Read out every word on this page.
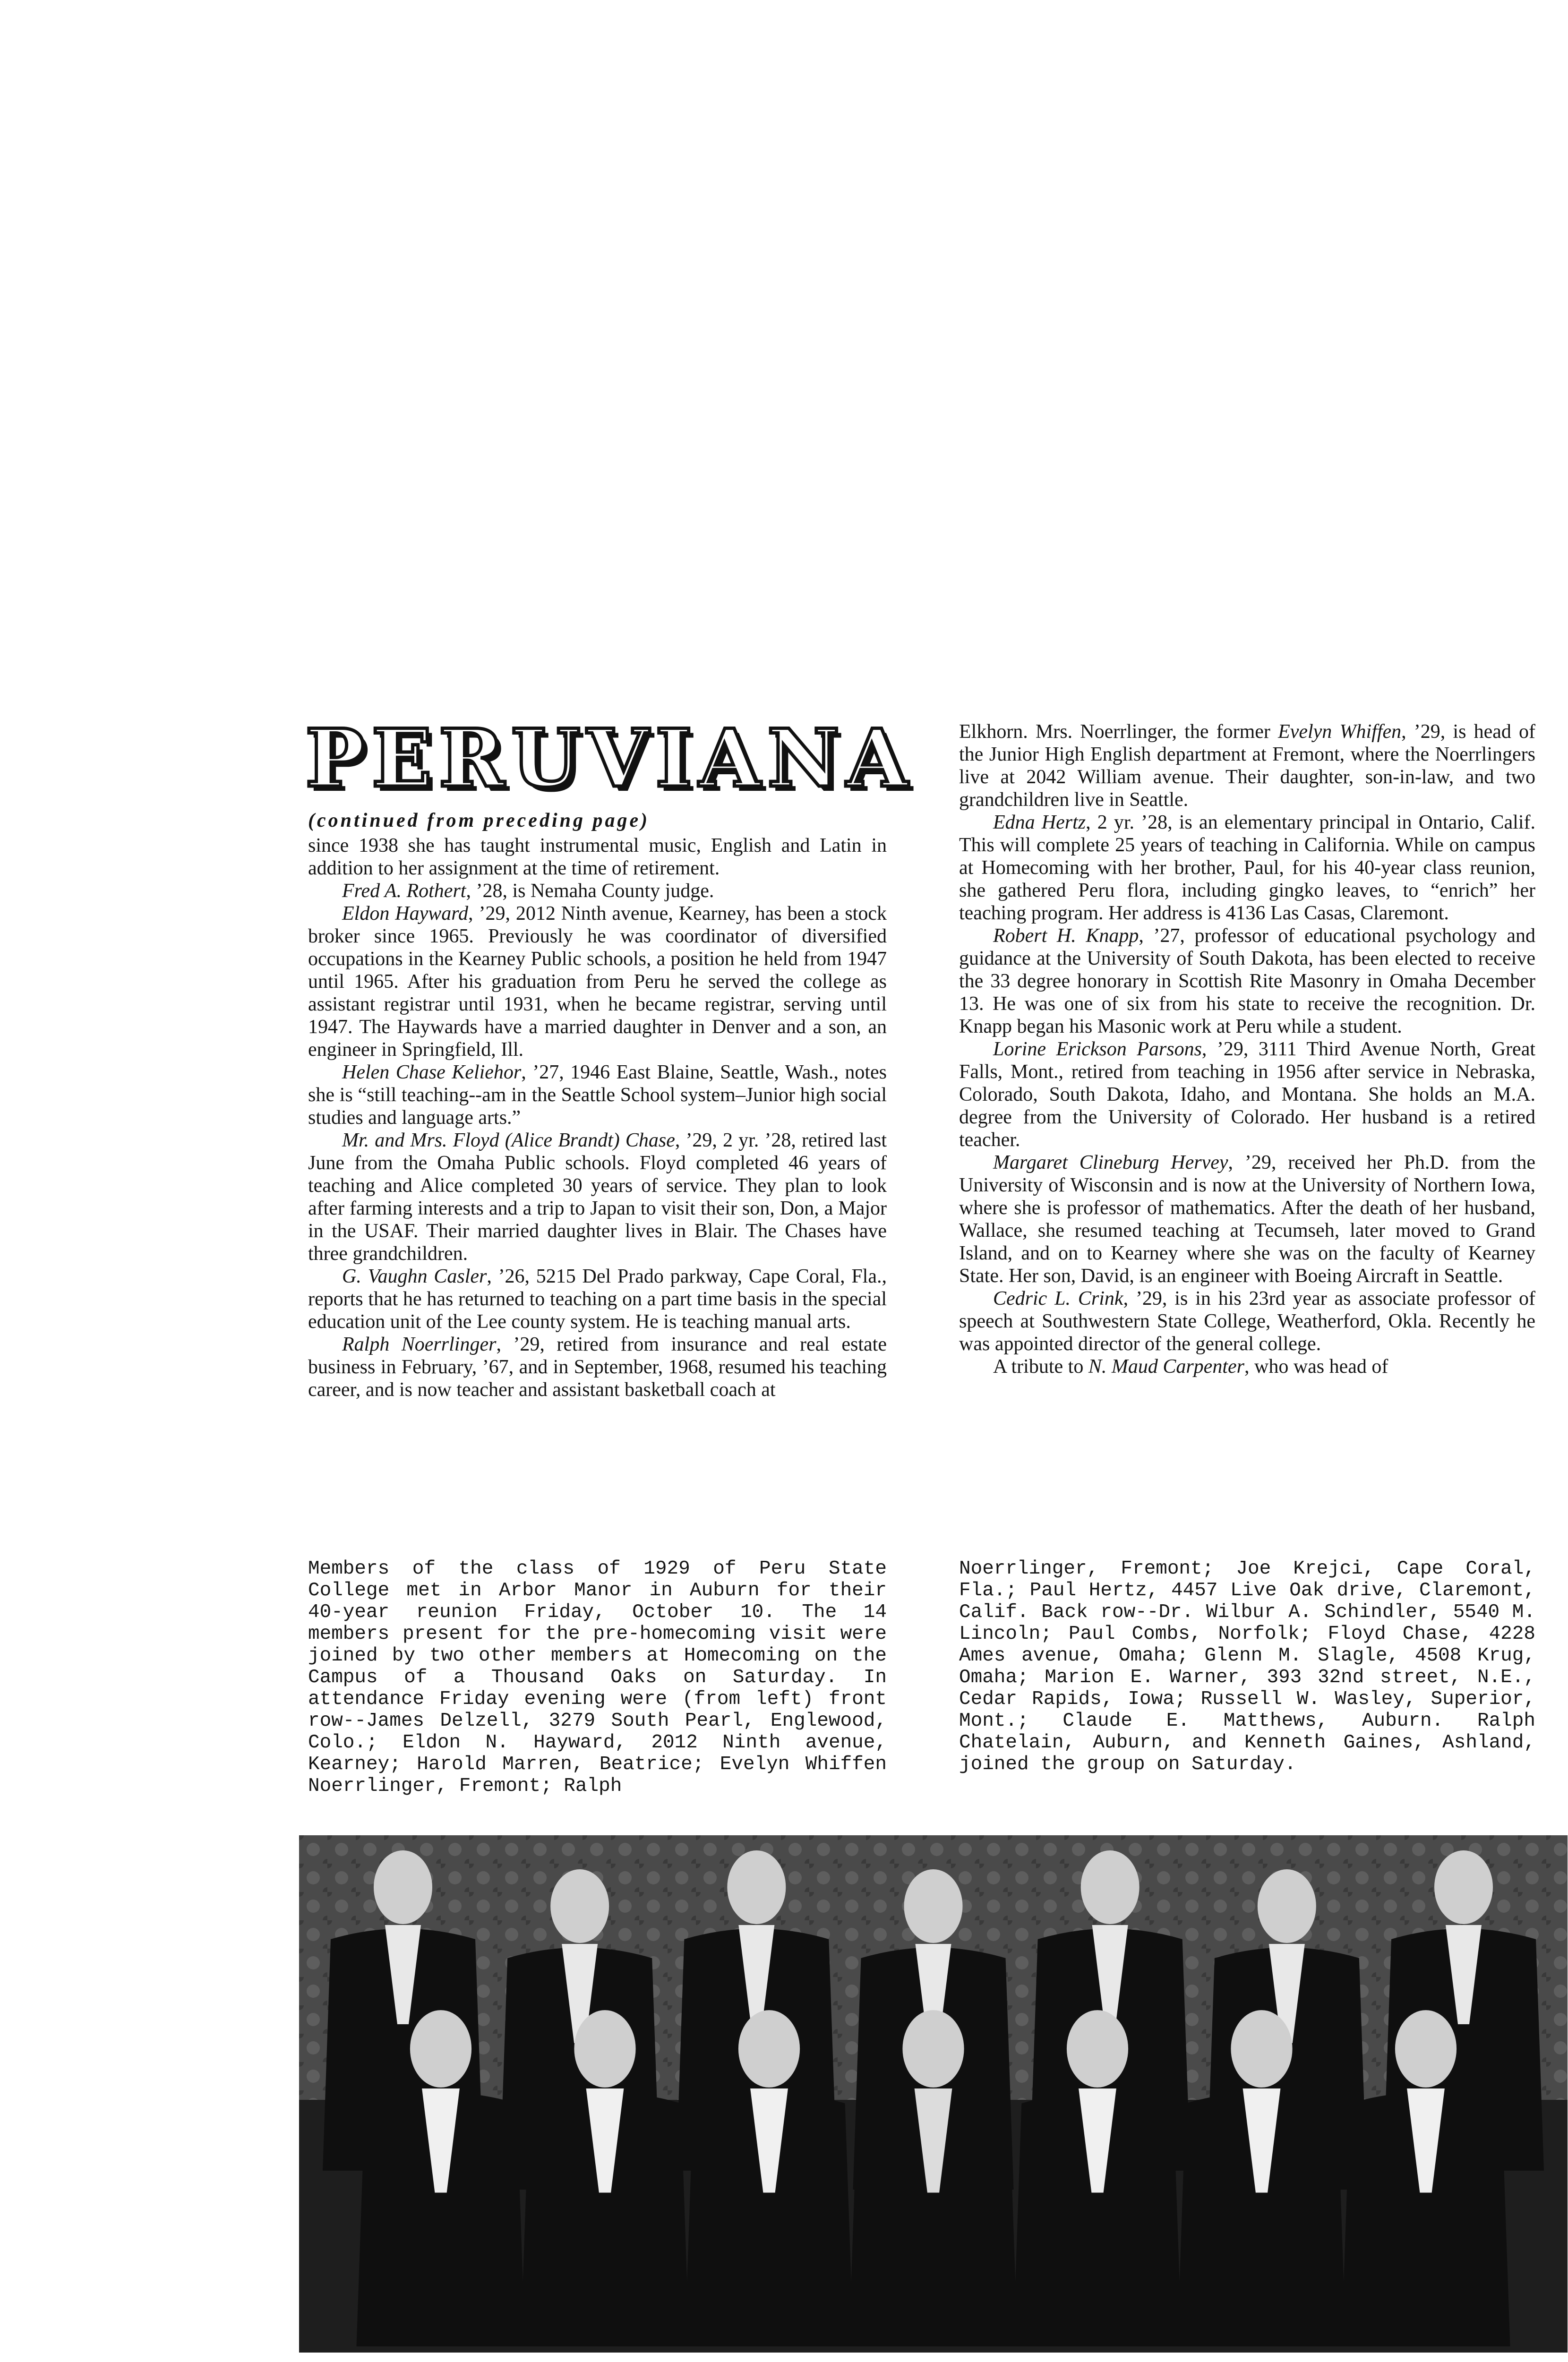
PERUVIANA
(continued from preceding page)

since 1938 she has taught instrumental music, English and Latin in addition to her assignment at the time of retirement.

Fred A. Rothert, ’28, is Nemaha County judge.

Eldon Hayward, ’29, 2012 Ninth avenue, Kearney, has been a stock broker since 1965. Previously he was coordinator of diversified occupations in the Kearney Public schools, a position he held from 1947 until 1965. After his graduation from Peru he served the college as assistant registrar until 1931, when he became registrar, serving until 1947. The Haywards have a married daughter in Denver and a son, an engineer in Springfield, Ill.

Helen Chase Keliehor, ’27, 1946 East Blaine, Seattle, Wash., notes she is “still teaching--am in the Seattle School system–Junior high social studies and language arts.”

Mr. and Mrs. Floyd (Alice Brandt) Chase, ’29, 2 yr. ’28, retired last June from the Omaha Public schools. Floyd completed 46 years of teaching and Alice completed 30 years of service. They plan to look after farming interests and a trip to Japan to visit their son, Don, a Major in the USAF. Their married daughter lives in Blair. The Chases have three grandchildren.

G. Vaughn Casler, ’26, 5215 Del Prado parkway, Cape Coral, Fla., reports that he has returned to teaching on a part time basis in the special education unit of the Lee county system. He is teaching manual arts.

Ralph Noerrlinger, ’29, retired from insurance and real estate business in February, ’67, and in September, 1968, resumed his teaching career, and is now teacher and assistant basketball coach at

Elkhorn. Mrs. Noerrlinger, the former Evelyn Whiffen, ’29, is head of the Junior High English department at Fremont, where the Noerrlingers live at 2042 William avenue. Their daughter, son-in-law, and two grandchildren live in Seattle.

Edna Hertz, 2 yr. ’28, is an elementary principal in Ontario, Calif. This will complete 25 years of teaching in California. While on campus at Homecoming with her brother, Paul, for his 40-year class reunion, she gathered Peru flora, including gingko leaves, to “enrich” her teaching program. Her address is 4136 Las Casas, Claremont.

Robert H. Knapp, ’27, professor of educational psychology and guidance at the University of South Dakota, has been elected to receive the 33 degree honorary in Scottish Rite Masonry in Omaha December 13. He was one of six from his state to receive the recognition. Dr. Knapp began his Masonic work at Peru while a student.

Lorine Erickson Parsons, ’29, 3111 Third Avenue North, Great Falls, Mont., retired from teaching in 1956 after service in Nebraska, Colorado, South Dakota, Idaho, and Montana. She holds an M.A. degree from the University of Colorado. Her husband is a retired teacher.

Margaret Clineburg Hervey, ’29, received her Ph.D. from the University of Wisconsin and is now at the University of Northern Iowa, where she is professor of mathematics. After the death of her husband, Wallace, she resumed teaching at Tecumseh, later moved to Grand Island, and on to Kearney where she was on the faculty of Kearney State. Her son, David, is an engineer with Boeing Aircraft in Seattle.

Cedric L. Crink, ’29, is in his 23rd year as associate professor of speech at Southwestern State College, Weatherford, Okla. Recently he was appointed director of the general college.

A tribute to N. Maud Carpenter, who was head of

Members of the class of 1929 of Peru State College met in Arbor Manor in Auburn for their 40-year reunion Friday, October 10. The 14 members present for the pre-homecoming visit were joined by two other members at Homecoming on the Campus of a Thousand Oaks on Saturday. In attendance Friday evening were (from left) front row--James Delzell, 3279 South Pearl, Englewood, Colo.; Eldon N. Hayward, 2012 Ninth avenue, Kearney; Harold Marren, Beatrice; Evelyn Whiffen Noerrlinger, Fremont; Ralph
Noerrlinger, Fremont; Joe Krejci, Cape Coral, Fla.; Paul Hertz, 4457 Live Oak drive, Claremont, Calif. Back row--Dr. Wilbur A. Schindler, 5540 M. Lincoln; Paul Combs, Norfolk; Floyd Chase, 4228 Ames avenue, Omaha; Glenn M. Slagle, 4508 Krug, Omaha; Marion E. Warner, 393 32nd street, N.E., Cedar Rapids, Iowa; Russell W. Wasley, Superior, Mont.; Claude E. Matthews, Auburn. Ralph Chatelain, Auburn, and Kenneth Gaines, Ashland, joined the group on Saturday.
